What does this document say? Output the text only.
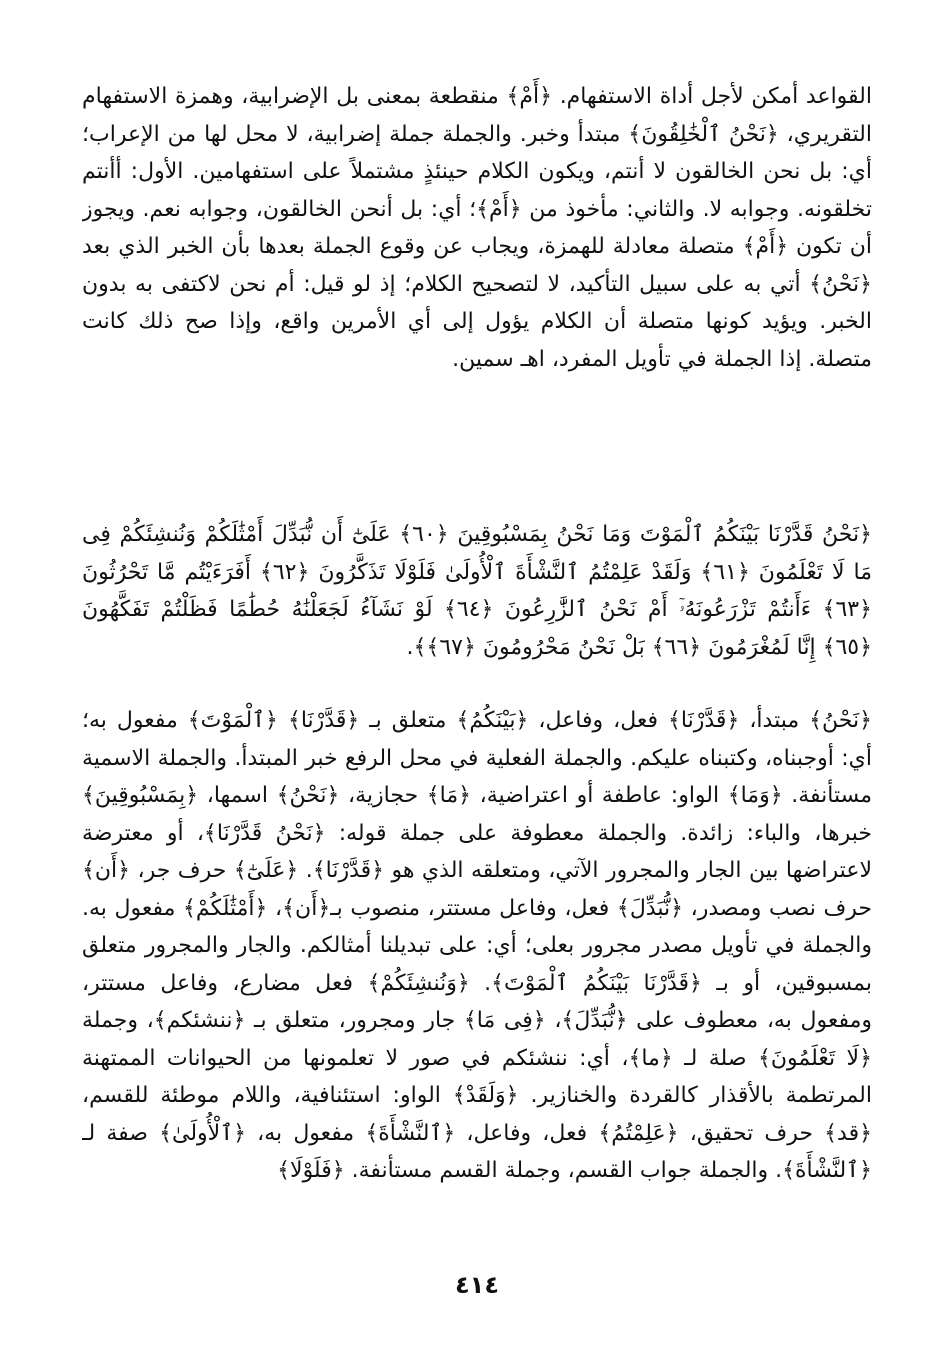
القواعد أمكن لأجل أداة الاستفهام. ﴿أَمْ﴾ منقطعة بمعنى بل الإضرابية، وهمزة الاستفهام التقريري، ﴿نَحْنُ ٱلْخَٰلِقُونَ﴾ مبتدأ وخبر. والجملة جملة إضرابية، لا محل لها من الإعراب؛ أي: بل نحن الخالقون لا أنتم، ويكون الكلام حينئذٍ مشتملاً على استفهامين. الأول: أأنتم تخلقونه. وجوابه لا. والثاني: مأخوذ من ﴿أَمْ﴾؛ أي: بل أنحن الخالقون، وجوابه نعم. ويجوز أن تكون ﴿أَمْ﴾ متصلة معادلة للهمزة، ويجاب عن وقوع الجملة بعدها بأن الخبر الذي بعد ﴿نَحْنُ﴾ أتي به على سبيل التأكيد، لا لتصحيح الكلام؛ إذ لو قيل: أم نحن لاكتفى به بدون الخبر. ويؤيد كونها متصلة أن الكلام يؤول إلى أي الأمرين واقع، وإذا صح ذلك كانت متصلة. إذا الجملة في تأويل المفرد، اهـ سمين.

﴿نَحْنُ قَدَّرْنَا بَيْنَكُمُ ٱلْمَوْتَ وَمَا نَحْنُ بِمَسْبُوقِينَ ﴿٦٠﴾ عَلَىٰٓ أَن نُّبَدِّلَ أَمْثَٰلَكُمْ وَنُنشِئَكُمْ فِى مَا لَا تَعْلَمُونَ ﴿٦١﴾ وَلَقَدْ عَلِمْتُمُ ٱلنَّشْأَةَ ٱلْأُولَىٰ فَلَوْلَا تَذَكَّرُونَ ﴿٦٢﴾ أَفَرَءَيْتُم مَّا تَحْرُثُونَ ﴿٦٣﴾ ءَأَنتُمْ تَزْرَعُونَهُۥٓ أَمْ نَحْنُ ٱلزَّٰرِعُونَ ﴿٦٤﴾ لَوْ نَشَآءُ لَجَعَلْنَٰهُ حُطَٰمًا فَظَلْتُمْ تَفَكَّهُونَ ﴿٦٥﴾ إِنَّا لَمُغْرَمُونَ ﴿٦٦﴾ بَلْ نَحْنُ مَحْرُومُونَ ﴿٦٧﴾﴾.

﴿نَحْنُ﴾ مبتدأ، ﴿قَدَّرْنَا﴾ فعل، وفاعل، ﴿بَيْنَكُمُ﴾ متعلق بـ ﴿قَدَّرْنَا﴾ ﴿ٱلْمَوْتَ﴾ مفعول به؛ أي: أوجبناه، وكتبناه عليكم. والجملة الفعلية في محل الرفع خبر المبتدأ. والجملة الاسمية مستأنفة. ﴿وَمَا﴾ الواو: عاطفة أو اعتراضية، ﴿مَا﴾ حجازية، ﴿نَحْنُ﴾ اسمها، ﴿بِمَسْبُوقِينَ﴾ خبرها، والباء: زائدة. والجملة معطوفة على جملة قوله: ﴿نَحْنُ قَدَّرْنَا﴾، أو معترضة لاعتراضها بين الجار والمجرور الآتي، ومتعلقه الذي هو ﴿قَدَّرْنَا﴾. ﴿عَلَىٰٓ﴾ حرف جر، ﴿أَن﴾ حرف نصب ومصدر، ﴿نُّبَدِّلَ﴾ فعل، وفاعل مستتر، منصوب بـ﴿أَن﴾، ﴿أَمْثَٰلَكُمْ﴾ مفعول به. والجملة في تأويل مصدر مجرور بعلى؛ أي: على تبديلنا أمثالكم. والجار والمجرور متعلق بمسبوقين، أو بـ ﴿قَدَّرْنَا بَيْنَكُمُ ٱلْمَوْتَ﴾. ﴿وَنُنشِئَكُمْ﴾ فعل مضارع، وفاعل مستتر، ومفعول به، معطوف على ﴿نُّبَدِّلَ﴾، ﴿فِى مَا﴾ جار ومجرور، متعلق بـ ﴿ننشئكم﴾، وجملة ﴿لَا تَعْلَمُونَ﴾ صلة لـ ﴿ما﴾، أي: ننشئكم في صور لا تعلمونها من الحيوانات الممتهنة المرتطمة بالأقذار كالقردة والخنازير. ﴿وَلَقَدْ﴾ الواو: استئنافية، واللام موطئة للقسم، ﴿قد﴾ حرف تحقيق، ﴿عَلِمْتُمُ﴾ فعل، وفاعل، ﴿ٱلنَّشْأَةَ﴾ مفعول به، ﴿ٱلْأُولَىٰ﴾ صفة لـ ﴿ٱلنَّشْأَةَ﴾. والجملة جواب القسم، وجملة القسم مستأنفة. ﴿فَلَوْلَا﴾

٤١٤
